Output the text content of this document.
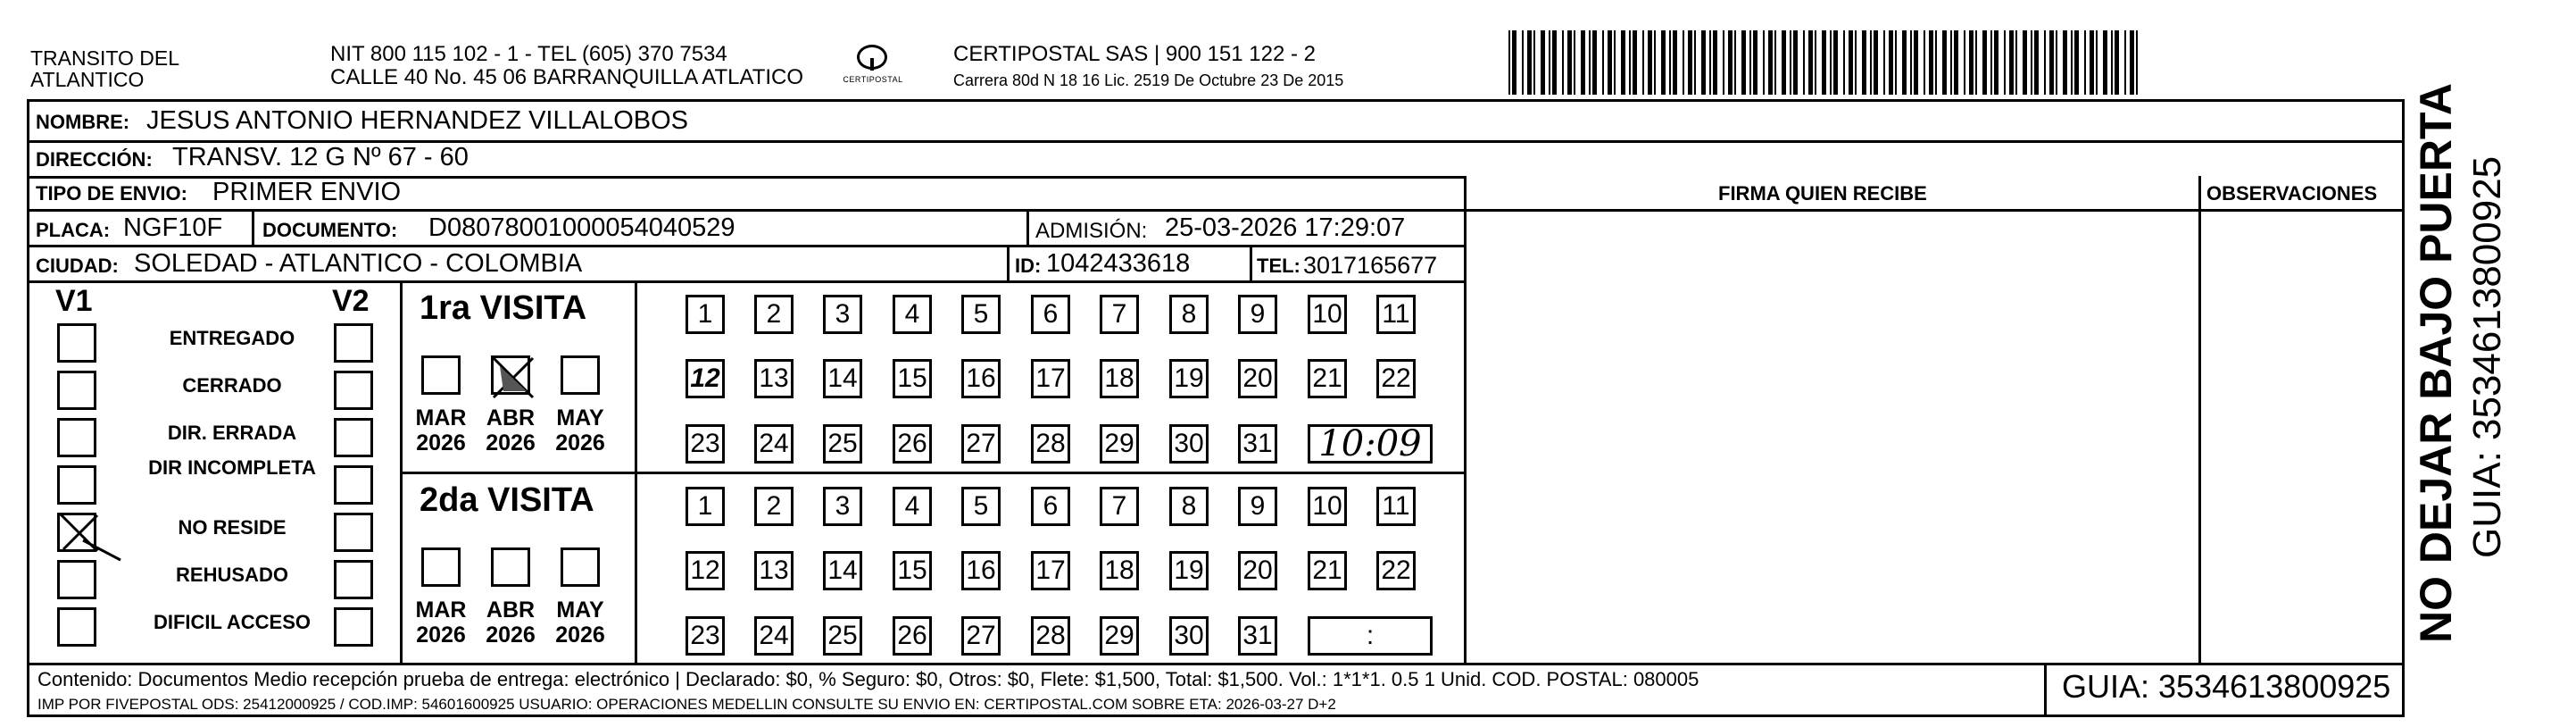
TRANSITO DEL
ATLANTICO
NIT 800 115 102 - 1 - TEL (605) 370 7534
CALLE 40 No. 45 06 BARRANQUILLA ATLATICO	CERTIPOSTAL
CERTIPOSTAL SAS | 900 151 122 - 2
Carrera 80d N 18 16 Lic. 2519 De Octubre 23 De 2015
NOMBRE: JESUS ANTONIO HERNANDEZ VILLALOBOS
DIRECCIÓN: TRANSV. 12 G Nº 67 - 60
TIPO DE ENVIO: PRIMER ENVIO	FIRMA QUIEN RECIBE	OBSERVACIONES
PLACA: NGF10F DOCUMENTO: D08078001000054040529	ADMISIÓN: 25-03-2026 17:29:07
CIUDAD: SOLEDAD - ATLANTICO - COLOMBIA	ID: 1042433618	TEL: 3017165677
V1	V2
ENTREGADO
CERRADO
DIR. ERRADA
DIR INCOMPLETA
NO RESIDE
REHUSADO
DIFICIL ACCESO
1ra VISITA
MAR
2026
ABR
2026
MAY
2026
1	2	3	4	5	6	7	8	9	10 11
12 13 14 15 16 17 18 19 20 21 22
23 24 25 26 27 28 29 30 31 10:09
2da VISITA
MAR
2026
ABR
2026
MAY
2026
1	2	3	4	5	6	7	8	9	10 11
12 13 14 15 16 17 18 19 20 21 22
23 24 25 26 27 28 29 30 31	:
Contenido: Documentos Medio recepción prueba de entrega: electrónico | Declarado: $0, % Seguro: $0, Otros: $0, Flete: $1,500, Total: $1,500. Vol.: 1*1*1. 0.5 1 Unid. COD. POSTAL: 080005
IMP POR FIVEPOSTAL ODS: 25412000925 / COD.IMP: 54601600925 USUARIO: OPERACIONES MEDELLIN CONSULTE SU ENVIO EN: CERTIPOSTAL.COM SOBRE ETA: 2026-03-27 D+2	GUIA: 3534613800925
NO DEJAR BAJO PUERTA GUIA: 3534613800925
